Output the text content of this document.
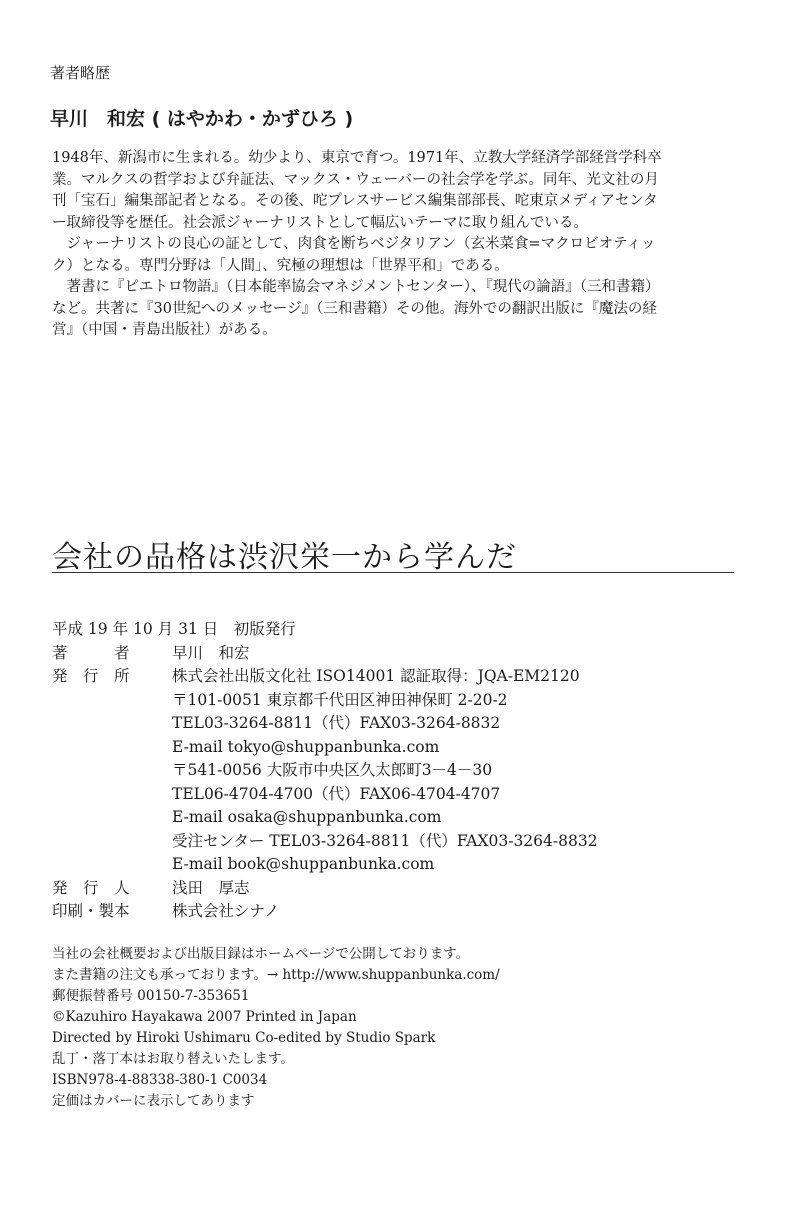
著者略歴
早川　和宏 ( はやかわ・かずひろ )

1948年、新潟市に生まれる。幼少より、東京で育つ。1971年、立教大学経済学部経営学科卒業。マルクスの哲学および弁証法、マックス・ウェーバーの社会学を学ぶ。同年、光文社の月刊「宝石」編集部記者となる。その後、咜プレスサービス編集部部長、咜東京メディアセンター取締役等を歴任。社会派ジャーナリストとして幅広いテーマに取り組んでいる。

ジャーナリストの良心の証として、肉食を断ちベジタリアン（玄米菜食=マクロビオティック）となる。専門分野は「人間」、究極の理想は「世界平和」である。

著書に『ピエトロ物語』（日本能率協会マネジメントセンター）、『現代の論語』（三和書籍）など。共著に『30世紀へのメッセージ』（三和書籍）その他。海外での翻訳出版に『魔法の経営』（中国・青島出版社）がある。

会社の品格は渋沢栄一から学んだ
平成 19 年 10 月 31 日　初版発行
著　　　者	早川　和宏
発　行　所	株式会社出版文化社 ISO14001 認証取得：JQA-EM2120
〒101-0051 東京都千代田区神田神保町 2-20-2
TEL03-3264-8811（代）FAX03-3264-8832
E-mail tokyo@shuppanbunka.com
〒541-0056 大阪市中央区久太郎町3－4－30
TEL06-4704-4700（代）FAX06-4704-4707
E-mail osaka@shuppanbunka.com
受注センター TEL03-3264-8811（代）FAX03-3264-8832
E-mail book@shuppanbunka.com
発　行　人	浅田　厚志
印刷・製本	株式会社シナノ
当社の会社概要および出版目録はホームページで公開しております。
また書籍の注文も承っております。→ http://www.shuppanbunka.com/
郵便振替番号 00150-7-353651
©Kazuhiro Hayakawa 2007 Printed in Japan
Directed by Hiroki Ushimaru Co-edited by Studio Spark
乱丁・落丁本はお取り替えいたします。
ISBN978-4-88338-380-1 C0034
定価はカバーに表示してあります
